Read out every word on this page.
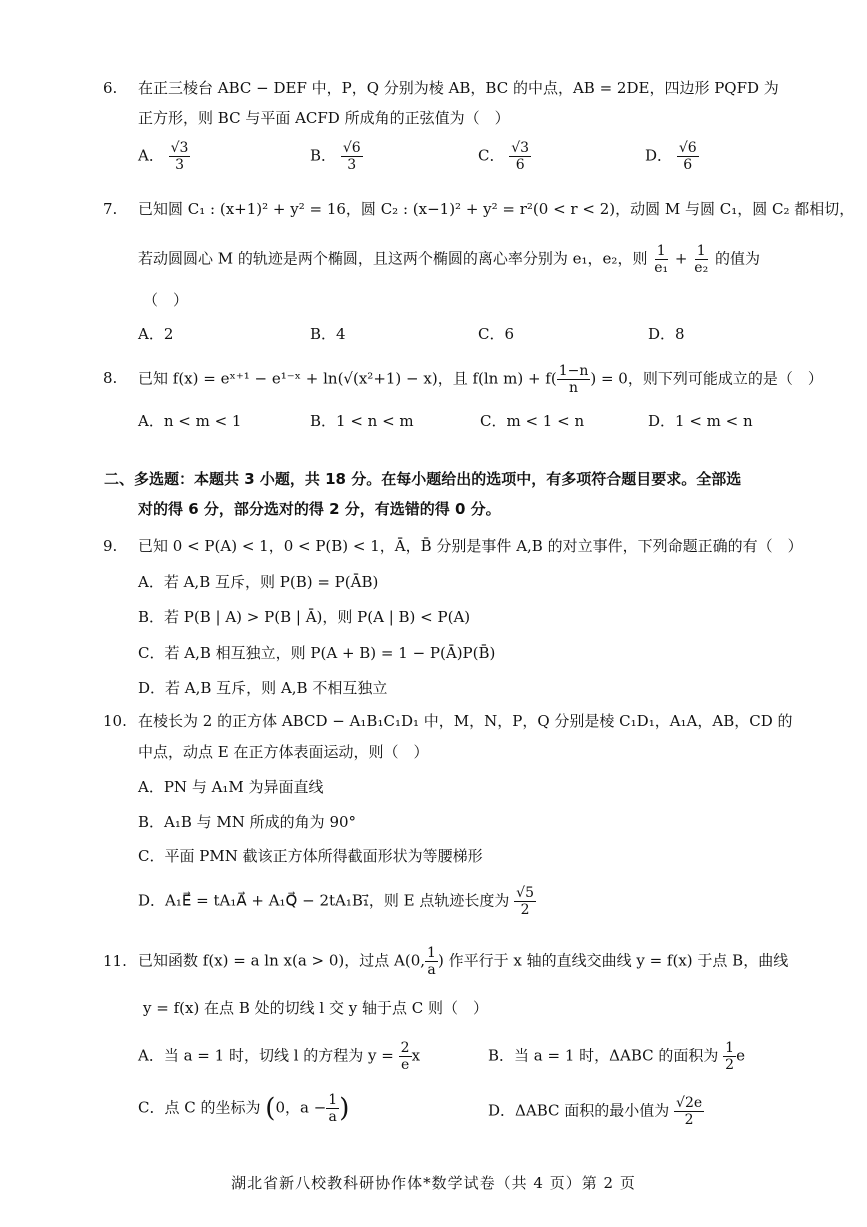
6. 在正三棱台 ABC − DEF 中，P，Q 分别为棱 AB，BC 的中点，AB = 2DE，四边形 PQFD 为
正方形，则 BC 与平面 ACFD 所成角的正弦值为（　）
A． $\frac{√3}{3}$	B． $\frac{√6}{3}$	C． $\frac{√3}{6}$	D． $\frac{√6}{6}$
7. 已知圆 C₁ : (x+1)² + y² = 16，圆 C₂ : (x−1)² + y² = r²(0 < r < 2)，动圆 M 与圆 C₁，圆 C₂ 都相切，
若动圆圆心 M 的轨迹是两个椭圆，且这两个椭圆的离心率分别为 e₁，e₂，则 $\frac{1}{\text{e₁}} + \frac{1}{\text{e₂}}$ 的值为
（　）
A．2	B．4	C．6	D．8
8. 已知 f(x) = eˣ⁺¹ − e¹⁻ˣ + ln(√(x²+1) − x)，且 f(ln $m) + f( \frac{1-n}{n}$ ) = 0，则下列可能成立的是（　）
A．n < m < 1	B．1 < n < m	C．m < 1 < n	D．1 < m < n
二、多选题：本题共 3 小题，共 18 分。在每小题给出的选项中，有多项符合题目要求。全部选
对的得 6 分，部分选对的得 2 分，有选错的得 0 分。
9. 已知 0 < P(A) < 1，0 < P(B) < 1，Ā，B̄ 分别是事件 A,B 的对立事件，下列命题正确的有（　）
A．若 A,B 互斥，则 P(B) = P(ĀB)
B．若 P(B | A) > P(B | Ā)，则 P(A | B) < P(A)
C．若 A,B 相互独立，则 P(A + B) = 1 − P(Ā)P(B̄)
D．若 A,B 互斥，则 A,B 不相互独立
10. 在棱长为 2 的正方体 ABCD − A₁B₁C₁D₁ 中，M，N，P，Q 分别是棱 C₁D₁，A₁A，AB，CD 的
中点，动点 E 在正方体表面运动，则（　）
A．PN 与 A₁M 为异面直线
B．A₁B 与 MN 所成的角为 90°
C．平面 PMN 截该正方体所得截面形状为等腰梯形
D．A₁E⃗ = tA₁A⃗ + A₁Q⃗ − 2tA₁B₁⃗，则 E 点轨迹长度为 $\frac{√5}{2}$
11. 已知函数 f(x) = a ln x(a > 0)，过点 A(0, $\frac{1}{a}$ ) 作平行于 x 轴的直线交曲线 y = f(x) 于点 B，曲线
y = f(x) 在点 B 处的切线 l 交 y 轴于点 C 则（　）
A．当 a = 1 时，切线 l 的方程为 $y = \frac{2}{e}$ x	B．当 a = 1 时，ΔABC 的面积为 $\frac{1}{2}$ e
C．点 C 的坐标为 (0，$a - \frac{1}{a}$ )	D．ΔABC 面积的最小值为 $\frac{√2e}{2}$
湖北省新八校教科研协作体*数学试卷（共 4 页）第 2 页
